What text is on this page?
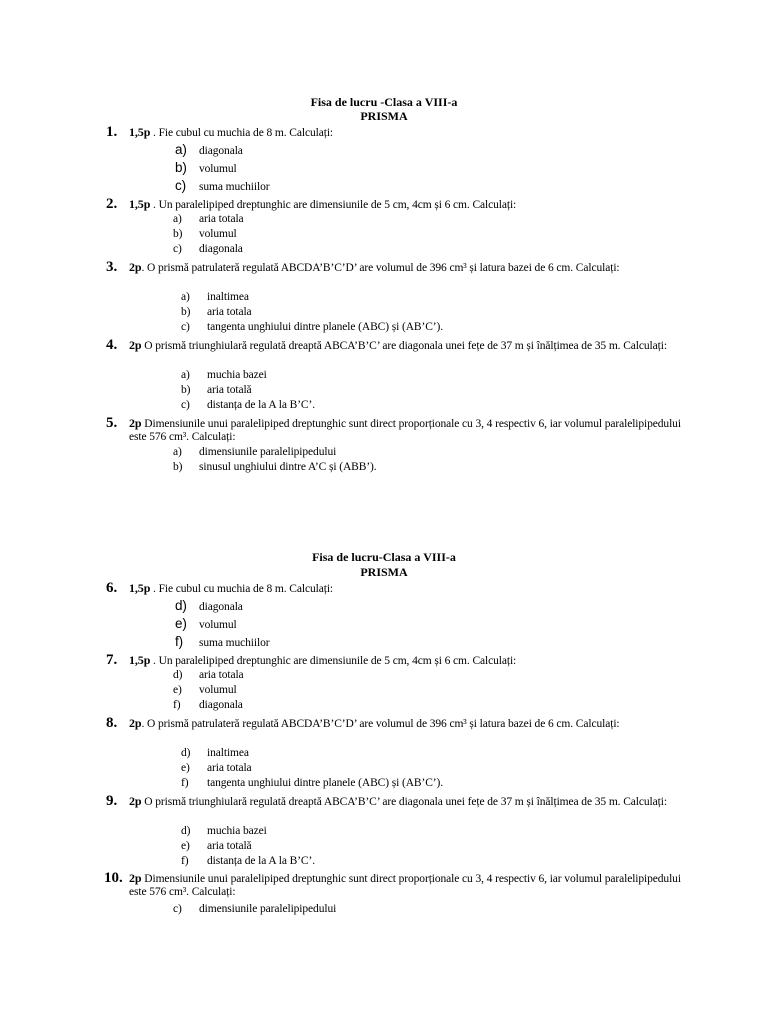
Fisa de lucru -Clasa a VIII-a
PRISMA
1. 1,5p . Fie cubul cu muchia de 8 m. Calculați:
a) diagonala
b) volumul
c) suma muchiilor
2. 1,5p . Un paralelipiped dreptunghic are dimensiunile de 5 cm, 4cm și 6 cm. Calculați:
a) aria totala
b) volumul
c) diagonala
3. 2p. O prismă patrulateră regulată ABCDA’B’C’D’ are volumul de 396 cm³ și latura bazei de 6 cm. Calculați:
a) inaltimea
b) aria totala
c) tangenta unghiului dintre planele (ABC) și (AB’C’).
4. 2p O prismă triunghiulară regulată dreaptă ABCA’B’C’ are diagonala unei fețe de 37 m și înălțimea de 35 m. Calculați:
a) muchia bazei
b) aria totală
c) distanța de la A la B’C’.
5. 2p Dimensiunile unui paralelipiped dreptunghic sunt direct proporționale cu 3, 4 respectiv 6, iar volumul paralelipipedului este 576 cm³. Calculați:
a) dimensiunile paralelipipedului
b) sinusul unghiului dintre A’C și (ABB’).
Fisa de lucru-Clasa a VIII-a
PRISMA
6. 1,5p . Fie cubul cu muchia de 8 m. Calculați:
d) diagonala
e) volumul
f) suma muchiilor
7. 1,5p . Un paralelipiped dreptunghic are dimensiunile de 5 cm, 4cm și 6 cm. Calculați:
d) aria totala
e) volumul
f) diagonala
8. 2p. O prismă patrulateră regulată ABCDA’B’C’D’ are volumul de 396 cm³ și latura bazei de 6 cm. Calculați:
d) inaltimea
e) aria totala
f) tangenta unghiului dintre planele (ABC) și (AB’C’).
9. 2p O prismă triunghiulară regulată dreaptă ABCA’B’C’ are diagonala unei fețe de 37 m și înălțimea de 35 m. Calculați:
d) muchia bazei
e) aria totală
f) distanța de la A la B’C’.
10. 2p Dimensiunile unui paralelipiped dreptunghic sunt direct proporționale cu 3, 4 respectiv 6, iar volumul paralelipipedului este 576 cm³. Calculați:
c) dimensiunile paralelipipedului
